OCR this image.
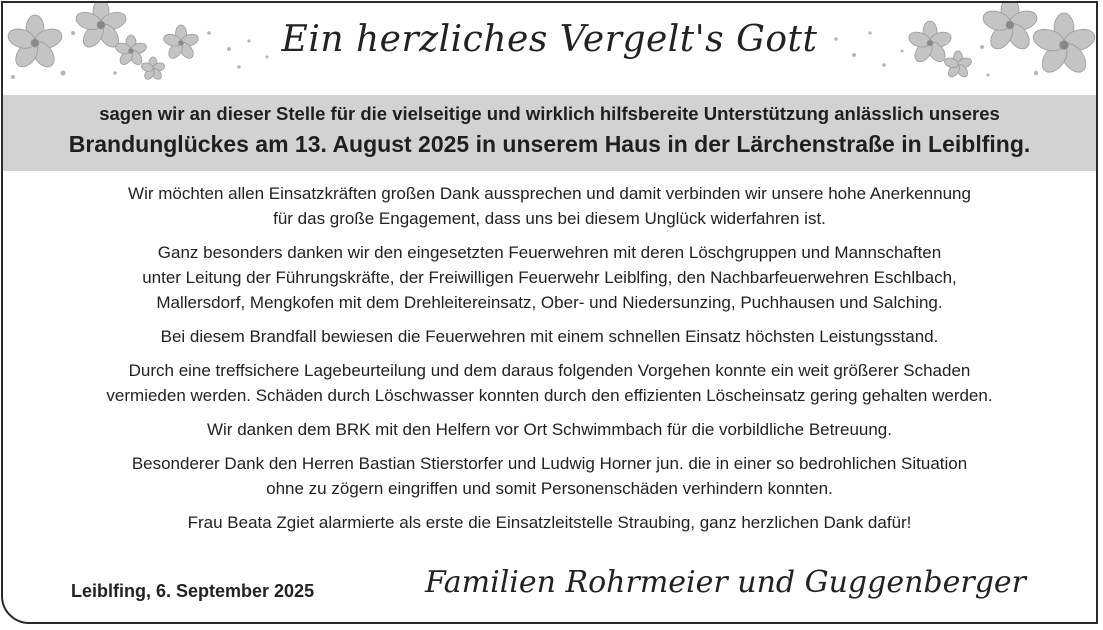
Ein herzliches Vergelt's Gott
sagen wir an dieser Stelle für die vielseitige und wirklich hilfsbereite Unterstützung anlässlich unseres
Brandunglückes am 13. August 2025 in unserem Haus in der Lärchenstraße in Leiblfing.

Wir möchten allen Einsatzkräften großen Dank aussprechen und damit verbinden wir unsere hohe Anerkennung
für das große Engagement, dass uns bei diesem Unglück widerfahren ist.

Ganz besonders danken wir den eingesetzten Feuerwehren mit deren Löschgruppen und Mannschaften
unter Leitung der Führungskräfte, der Freiwilligen Feuerwehr Leiblfing, den Nachbarfeuerwehren Eschlbach,
Mallersdorf, Mengkofen mit dem Drehleitereinsatz, Ober- und Niedersunzing, Puchhausen und Salching.

Bei diesem Brandfall bewiesen die Feuerwehren mit einem schnellen Einsatz höchsten Leistungsstand.

Durch eine treffsichere Lagebeurteilung und dem daraus folgenden Vorgehen konnte ein weit größerer Schaden
vermieden werden. Schäden durch Löschwasser konnten durch den effizienten Löscheinsatz gering gehalten werden.

Wir danken dem BRK mit den Helfern vor Ort Schwimmbach für die vorbildliche Betreuung.

Besonderer Dank den Herren Bastian Stierstorfer und Ludwig Horner jun. die in einer so bedrohlichen Situation
ohne zu zögern eingriffen und somit Personenschäden verhindern konnten.

Frau Beata Zgiet alarmierte als erste die Einsatzleitstelle Straubing, ganz herzlichen Dank dafür!

Leiblfing, 6. September 2025	Familien Rohrmeier und Guggenberger
